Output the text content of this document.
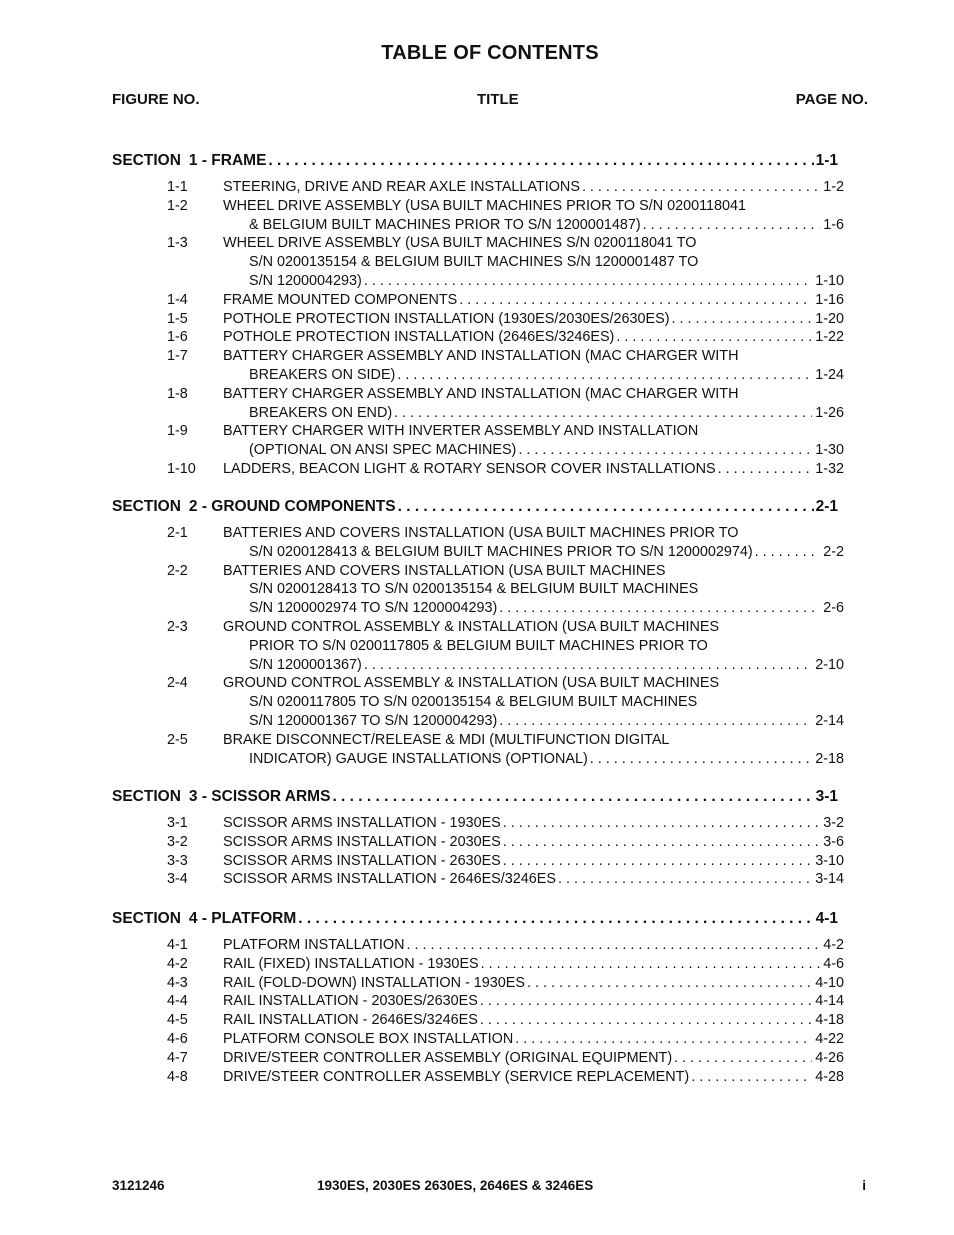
TABLE OF CONTENTS
FIGURE NO.	TITLE	PAGE NO.
SECTION 1 - FRAME . . .	1-1
1-1	STEERING, DRIVE AND REAR AXLE INSTALLATIONS . . .	1-2
1-2	WHEEL DRIVE ASSEMBLY (USA BUILT MACHINES PRIOR TO S/N 0200118041
& BELGIUM BUILT MACHINES PRIOR TO S/N 1200001487) . . .	1-6
1-3	WHEEL DRIVE ASSEMBLY (USA BUILT MACHINES S/N 0200118041 TO
S/N 0200135154 & BELGIUM BUILT MACHINES S/N 1200001487 TO
S/N 1200004293) . . .	1-10
1-4	FRAME MOUNTED COMPONENTS . . .	1-16
1-5	POTHOLE PROTECTION INSTALLATION (1930ES/2030ES/2630ES) . . .	1-20
1-6	POTHOLE PROTECTION INSTALLATION (2646ES/3246ES) . . .	1-22
1-7	BATTERY CHARGER ASSEMBLY AND INSTALLATION (MAC CHARGER WITH
BREAKERS ON SIDE) . . .	1-24
1-8	BATTERY CHARGER ASSEMBLY AND INSTALLATION (MAC CHARGER WITH
BREAKERS ON END) . . .	1-26
1-9	BATTERY CHARGER WITH INVERTER ASSEMBLY AND INSTALLATION
(OPTIONAL ON ANSI SPEC MACHINES) . . .	1-30
1-10	LADDERS, BEACON LIGHT & ROTARY SENSOR COVER INSTALLATIONS . . .	1-32
SECTION 2 - GROUND COMPONENTS . . .	2-1
2-1	BATTERIES AND COVERS INSTALLATION (USA BUILT MACHINES PRIOR TO
S/N 0200128413 & BELGIUM BUILT MACHINES PRIOR TO S/N 1200002974) . . .	2-2
2-2	BATTERIES AND COVERS INSTALLATION (USA BUILT MACHINES
S/N 0200128413 TO S/N 0200135154 & BELGIUM BUILT MACHINES
S/N 1200002974 TO S/N 1200004293) . . .	2-6
2-3	GROUND CONTROL ASSEMBLY & INSTALLATION (USA BUILT MACHINES
PRIOR TO S/N 0200117805 & BELGIUM BUILT MACHINES PRIOR TO
S/N 1200001367) . . .	2-10
2-4	GROUND CONTROL ASSEMBLY & INSTALLATION (USA BUILT MACHINES
S/N 0200117805 TO S/N 0200135154 & BELGIUM BUILT MACHINES
S/N 1200001367 TO S/N 1200004293) . . .	2-14
2-5	BRAKE DISCONNECT/RELEASE & MDI (MULTIFUNCTION DIGITAL
INDICATOR) GAUGE INSTALLATIONS (OPTIONAL) . . .	2-18
SECTION 3 - SCISSOR ARMS . . .	3-1
3-1	SCISSOR ARMS INSTALLATION - 1930ES . . .	3-2
3-2	SCISSOR ARMS INSTALLATION - 2030ES . . .	3-6
3-3	SCISSOR ARMS INSTALLATION - 2630ES . . .	3-10
3-4	SCISSOR ARMS INSTALLATION - 2646ES/3246ES . . .	3-14
SECTION 4 - PLATFORM . . .	4-1
4-1	PLATFORM INSTALLATION . . .	4-2
4-2	RAIL (FIXED) INSTALLATION - 1930ES . . .	4-6
4-3	RAIL (FOLD-DOWN) INSTALLATION - 1930ES . . .	4-10
4-4	RAIL INSTALLATION - 2030ES/2630ES . . .	4-14
4-5	RAIL INSTALLATION - 2646ES/3246ES . . .	4-18
4-6	PLATFORM CONSOLE BOX INSTALLATION . . .	4-22
4-7	DRIVE/STEER CONTROLLER ASSEMBLY (ORIGINAL EQUIPMENT) . . .	4-26
4-8	DRIVE/STEER CONTROLLER ASSEMBLY (SERVICE REPLACEMENT) . . .	4-28
3121246	1930ES, 2030ES 2630ES, 2646ES & 3246ES	i
